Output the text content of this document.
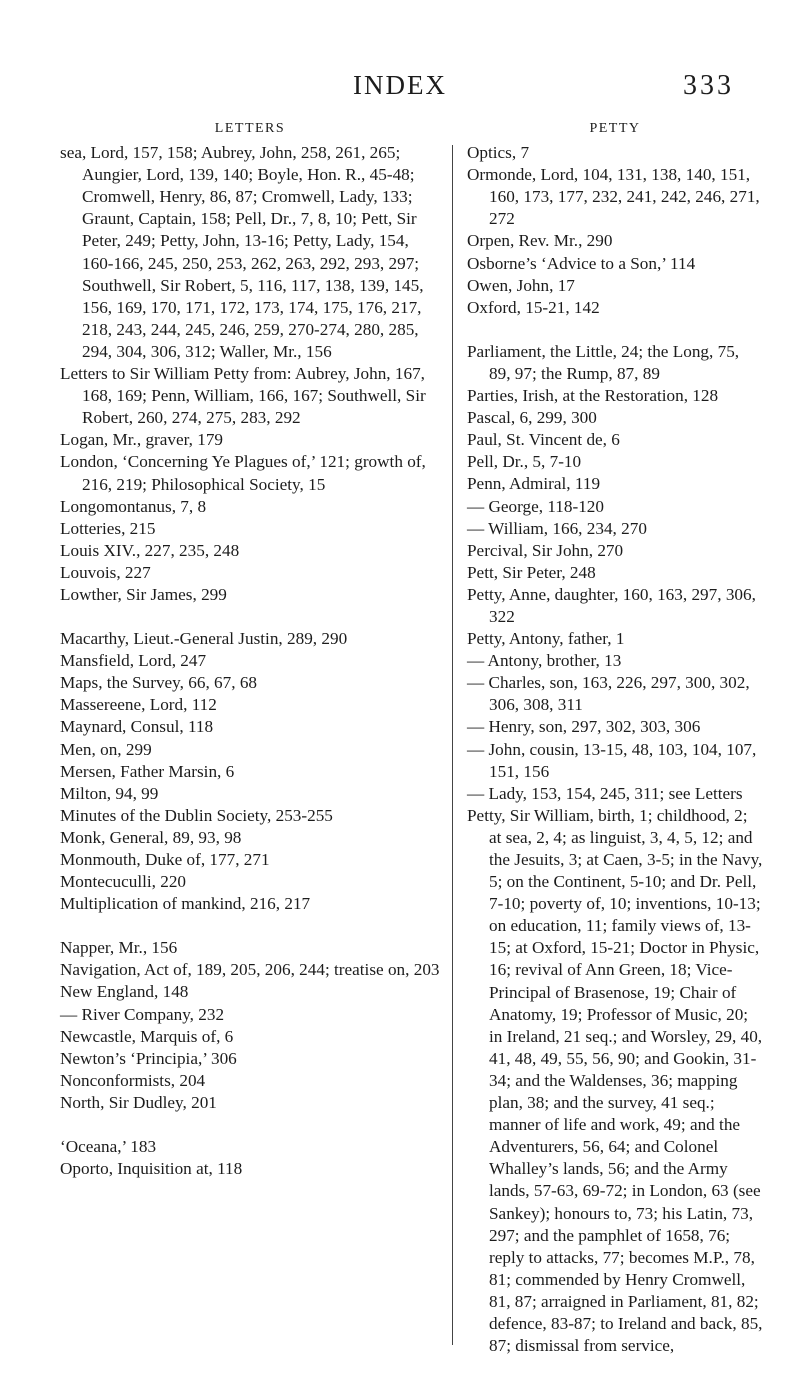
INDEX	333
LETTERS

sea, Lord, 157, 158; Aubrey, John, 258, 261, 265; Aungier, Lord, 139, 140; Boyle, Hon. R., 45-48; Cromwell, Henry, 86, 87; Cromwell, Lady, 133; Graunt, Captain, 158; Pell, Dr., 7, 8, 10; Pett, Sir Peter, 249; Petty, John, 13-16; Petty, Lady, 154, 160-166, 245, 250, 253, 262, 263, 292, 293, 297; Southwell, Sir Robert, 5, 116, 117, 138, 139, 145, 156, 169, 170, 171, 172, 173, 174, 175, 176, 217, 218, 243, 244, 245, 246, 259, 270-274, 280, 285, 294, 304, 306, 312; Waller, Mr., 156

Letters to Sir William Petty from: Aubrey, John, 167, 168, 169; Penn, William, 166, 167; Southwell, Sir Robert, 260, 274, 275, 283, 292

Logan, Mr., graver, 179

London, ‘Concerning Ye Plagues of,’ 121; growth of, 216, 219; Philosophical Society, 15

Longomontanus, 7, 8

Lotteries, 215

Louis XIV., 227, 235, 248

Louvois, 227

Lowther, Sir James, 299

Macarthy, Lieut.-General Justin, 289, 290

Mansfield, Lord, 247

Maps, the Survey, 66, 67, 68

Massereene, Lord, 112

Maynard, Consul, 118

Men, on, 299

Mersen, Father Marsin, 6

Milton, 94, 99

Minutes of the Dublin Society, 253-255

Monk, General, 89, 93, 98

Monmouth, Duke of, 177, 271

Montecuculli, 220

Multiplication of mankind, 216, 217

Napper, Mr., 156

Navigation, Act of, 189, 205, 206, 244; treatise on, 203

New England, 148

— River Company, 232

Newcastle, Marquis of, 6

Newton’s ‘Principia,’ 306

Nonconformists, 204

North, Sir Dudley, 201

‘Oceana,’ 183

Oporto, Inquisition at, 118

PETTY

Optics, 7

Ormonde, Lord, 104, 131, 138, 140, 151, 160, 173, 177, 232, 241, 242, 246, 271, 272

Orpen, Rev. Mr., 290

Osborne’s ‘Advice to a Son,’ 114

Owen, John, 17

Oxford, 15-21, 142

Parliament, the Little, 24; the Long, 75, 89, 97; the Rump, 87, 89

Parties, Irish, at the Restoration, 128

Pascal, 6, 299, 300

Paul, St. Vincent de, 6

Pell, Dr., 5, 7-10

Penn, Admiral, 119

— George, 118-120

— William, 166, 234, 270

Percival, Sir John, 270

Pett, Sir Peter, 248

Petty, Anne, daughter, 160, 163, 297, 306, 322

Petty, Antony, father, 1

— Antony, brother, 13

— Charles, son, 163, 226, 297, 300, 302, 306, 308, 311

— Henry, son, 297, 302, 303, 306

— John, cousin, 13-15, 48, 103, 104, 107, 151, 156

— Lady, 153, 154, 245, 311; see Letters

Petty, Sir William, birth, 1; childhood, 2; at sea, 2, 4; as linguist, 3, 4, 5, 12; and the Jesuits, 3; at Caen, 3-5; in the Navy, 5; on the Continent, 5-10; and Dr. Pell, 7-10; poverty of, 10; inventions, 10-13; on education, 11; family views of, 13-15; at Oxford, 15-21; Doctor in Physic, 16; revival of Ann Green, 18; Vice-Principal of Brasenose, 19; Chair of Anatomy, 19; Professor of Music, 20; in Ireland, 21 seq.; and Worsley, 29, 40, 41, 48, 49, 55, 56, 90; and Gookin, 31-34; and the Waldenses, 36; mapping plan, 38; and the survey, 41 seq.; manner of life and work, 49; and the Adventurers, 56, 64; and Colonel Whalley’s lands, 56; and the Army lands, 57-63, 69-72; in London, 63 (see Sankey); honours to, 73; his Latin, 73, 297; and the pamphlet of 1658, 76; reply to attacks, 77; becomes M.P., 78, 81; commended by Henry Cromwell, 81, 87; arraigned in Parliament, 81, 82; defence, 83-87; to Ireland and back, 85, 87; dismissal from service,
